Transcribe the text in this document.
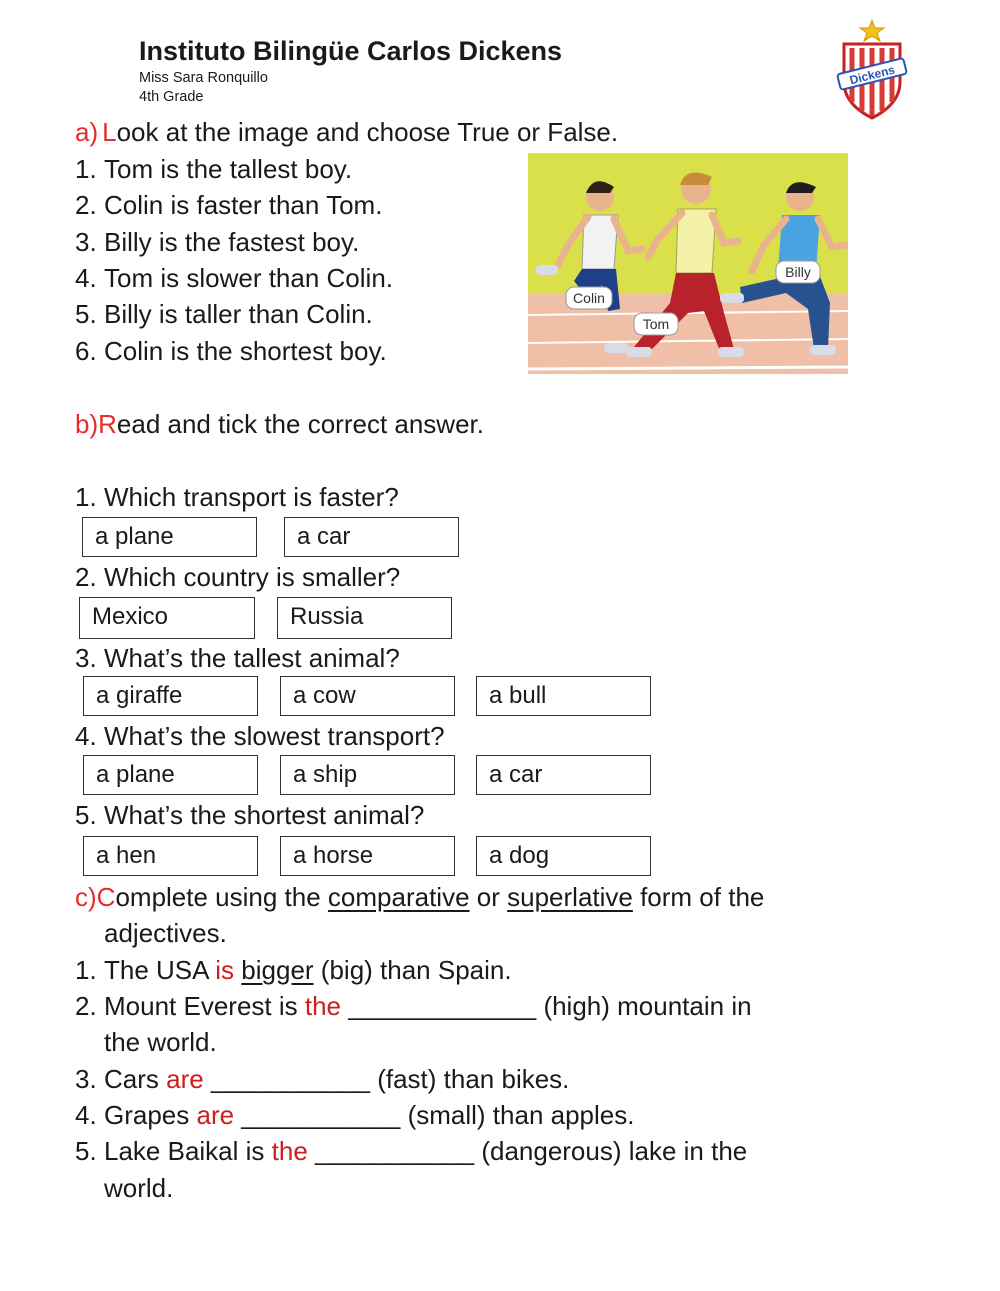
Instituto Bilingüe Carlos Dickens
Miss Sara Ronquillo
4th Grade
Dickens
a) Look at the image and choose True or False.
1. Tom is the tallest boy.
2. Colin is faster than Tom.
3. Billy is the fastest boy.
4. Tom is slower than Colin.
5. Billy is taller than Colin.
6. Colin is the shortest boy.
Colin
Tom
Billy
b)Read and tick the correct answer.
1. Which transport is faster?
a plane	a car
2. Which country is smaller?
Mexico	Russia
3. What’s the tallest animal?
a giraffe	a cow	a bull
4. What’s the slowest transport?
a plane	a ship	a car
5. What’s the shortest animal?
a hen	a horse	a dog
c)Complete using the comparative or superlative form of the
adjectives.
1. The USA is bigger (big) than Spain.
2. Mount Everest is the _____________ (high) mountain in
the world.
3. Cars are ___________ (fast) than bikes.
4. Grapes are ___________ (small) than apples.
5. Lake Baikal is the ___________ (dangerous) lake in the
world.
